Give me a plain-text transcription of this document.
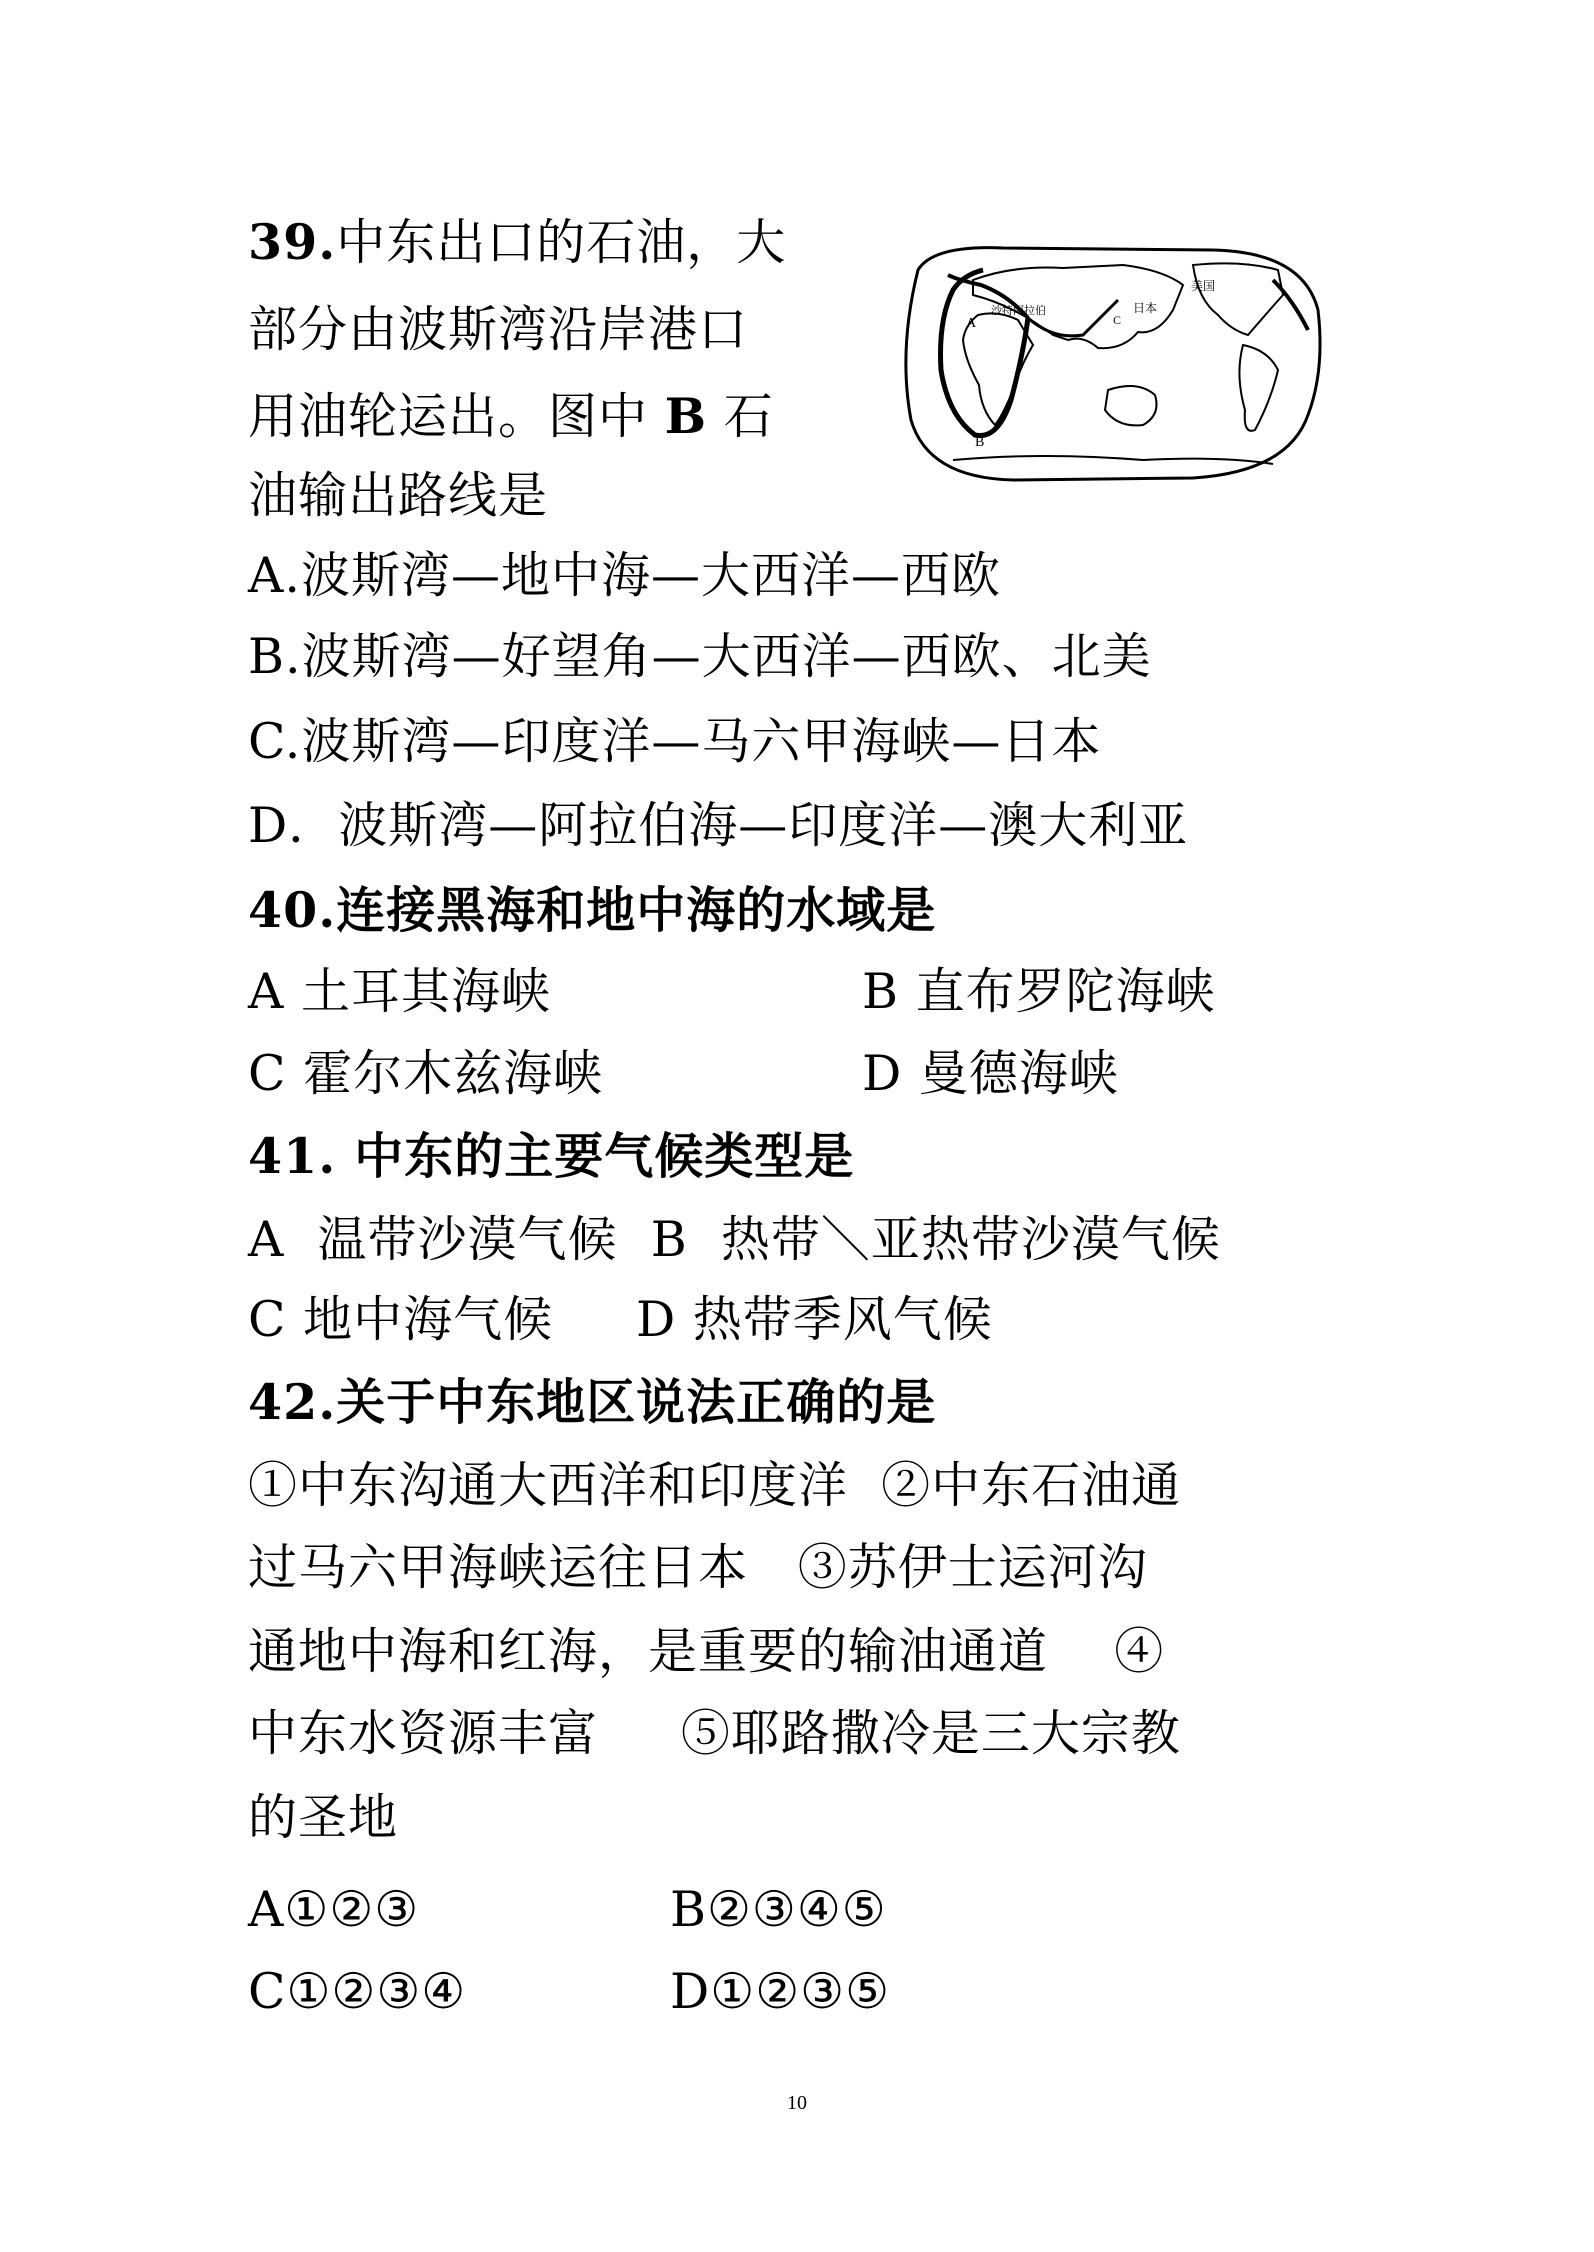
39.中东出口的石油，大
部分由波斯湾沿岸港口
用油轮运出。图中 B 石
油输出路线是
沙特阿拉伯	日本
美国
A
B
C
A.波斯湾—地中海—大西洋—西欧
B.波斯湾—好望角—大西洋—西欧、北美
C.波斯湾—印度洋—马六甲海峡—日本
D．波斯湾—阿拉伯海—印度洋—澳大利亚
40.连接黑海和地中海的水域是
A 土耳其海峡	B 直布罗陀海峡
C 霍尔木兹海峡	D 曼德海峡
41. 中东的主要气候类型是
A  温带沙漠气候  B  热带＼亚热带沙漠气候
C 地中海气候     D 热带季风气候
42.关于中东地区说法正确的是
①中东沟通大西洋和印度洋  ②中东石油通
过马六甲海峡运往日本   ③苏伊士运河沟
通地中海和红海，是重要的输油通道    ④
中东水资源丰富     ⑤耶路撒冷是三大宗教
的圣地
A①②③	B②③④⑤
C①②③④	D①②③⑤
10
